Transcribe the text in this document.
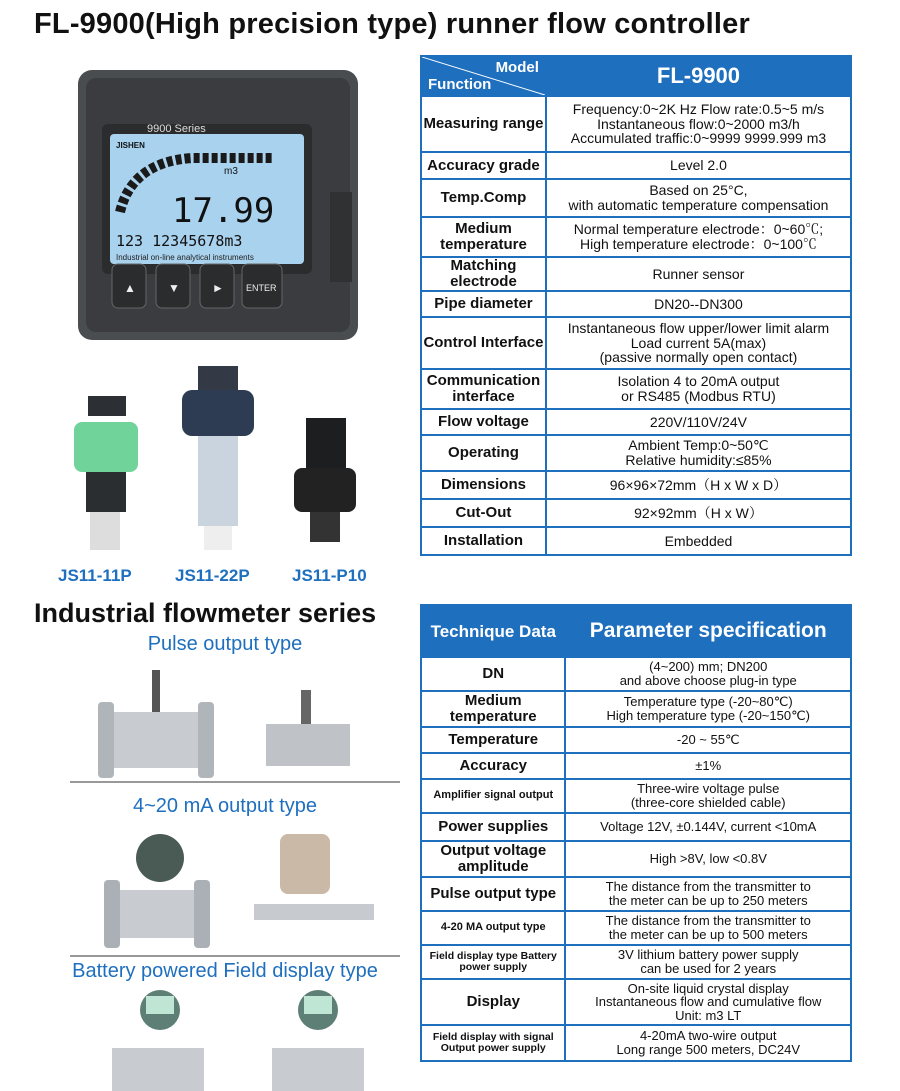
FL-9900(High precision type) runner flow controller
9900 Series
m3
17.99
123 12345678m3
Industrial on-line analytical instruments
JISHEN
▲	▼	► ENTER
JS11-11P	JS11-22P JS11-P10
Model
Function	FL-9900
Measuring range	Frequency:0~2K Hz Flow rate:0.5~5 m/s
Instantaneous flow:0~2000 m3/h
Accumulated traffic:0~9999 9999.999 m3

Accuracy grade	Level 2.0

Temp.Comp	Based on 25°C,
with automatic temperature compensation

Medium temperature	Normal temperature electrode：0~60℃;
High temperature electrode：0~100℃

Matching electrode	Runner sensor

Pipe diameter	DN20--DN300

Control Interface	Instantaneous flow upper/lower limit alarm
Load current 5A(max)
(passive normally open contact)

Communication interface	Isolation 4 to 20mA output
or RS485 (Modbus RTU)

Flow voltage	220V/110V/24V

Operating	Ambient Temp:0~50℃
Relative humidity:≤85%

Dimensions	96×96×72mm（H x W x D）

Cut-Out	92×92mm（H x W）

Installation	Embedded
Industrial flowmeter series
Pulse output type
4~20 mA output type
Battery powered Field display type
Technique Data	Parameter specification
DN	(4~200) mm; DN200
and above choose plug-in type

Medium temperature	Temperature type (-20~80℃)
High temperature type (-20~150℃)

Temperature	-20 ~ 55℃

Accuracy	±1%

Amplifier signal output	Three-wire voltage pulse
(three-core shielded cable)

Power supplies	Voltage 12V, ±0.144V, current <10mA

Output voltage amplitude	High >8V, low <0.8V

Pulse output type	The distance from the transmitter to
the meter can be up to 250 meters

4-20 MA output type	The distance from the transmitter to
the meter can be up to 500 meters

Field display type Battery power supply	3V lithium battery power supply
can be used for 2 years

Display	On-site liquid crystal display
Instantaneous flow and cumulative flow
Unit: m3 LT

Field display with signal Output power supply	4-20mA two-wire output
Long range 500 meters, DC24V
